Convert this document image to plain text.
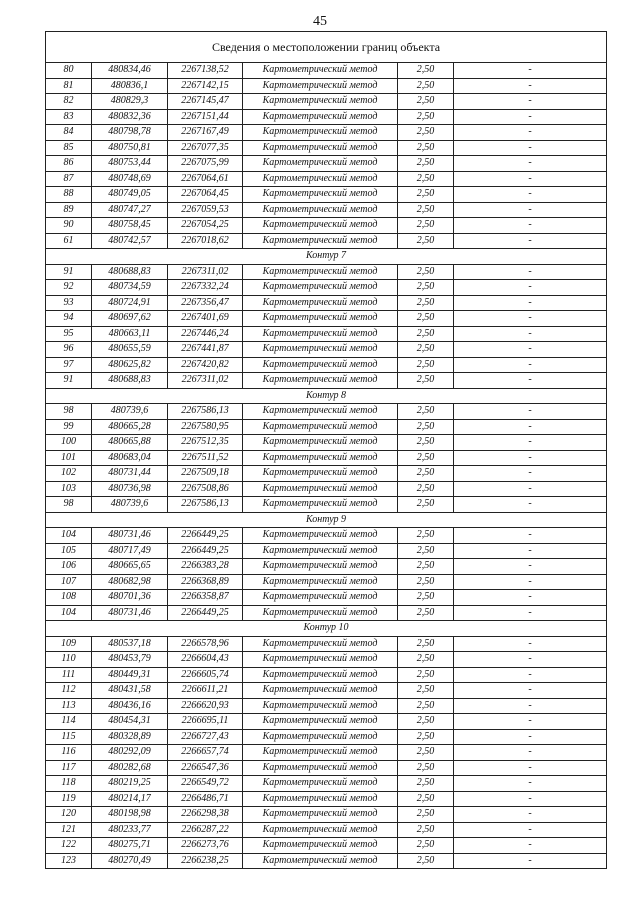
45
Сведения о местоположении границ объекта					
80	480834,46	2267138,52	Картометрический метод	2,50	-
81	480836,1	2267142,15	Картометрический метод	2,50	-
82	480829,3	2267145,47	Картометрический метод	2,50	-
83	480832,36	2267151,44	Картометрический метод	2,50	-
84	480798,78	2267167,49	Картометрический метод	2,50	-
85	480750,81	2267077,35	Картометрический метод	2,50	-
86	480753,44	2267075,99	Картометрический метод	2,50	-
87	480748,69	2267064,61	Картометрический метод	2,50	-
88	480749,05	2267064,45	Картометрический метод	2,50	-
89	480747,27	2267059,53	Картометрический метод	2,50	-
90	480758,45	2267054,25	Картометрический метод	2,50	-
61	480742,57	2267018,62	Картометрический метод	2,50	-
Контур 7					
91	480688,83	2267311,02	Картометрический метод	2,50	-
92	480734,59	2267332,24	Картометрический метод	2,50	-
93	480724,91	2267356,47	Картометрический метод	2,50	-
94	480697,62	2267401,69	Картометрический метод	2,50	-
95	480663,11	2267446,24	Картометрический метод	2,50	-
96	480655,59	2267441,87	Картометрический метод	2,50	-
97	480625,82	2267420,82	Картометрический метод	2,50	-
91	480688,83	2267311,02	Картометрический метод	2,50	-
Контур 8					
98	480739,6	2267586,13	Картометрический метод	2,50	-
99	480665,28	2267580,95	Картометрический метод	2,50	-
100	480665,88	2267512,35	Картометрический метод	2,50	-
101	480683,04	2267511,52	Картометрический метод	2,50	-
102	480731,44	2267509,18	Картометрический метод	2,50	-
103	480736,98	2267508,86	Картометрический метод	2,50	-
98	480739,6	2267586,13	Картометрический метод	2,50	-
Контур 9					
104	480731,46	2266449,25	Картометрический метод	2,50	-
105	480717,49	2266449,25	Картометрический метод	2,50	-
106	480665,65	2266383,28	Картометрический метод	2,50	-
107	480682,98	2266368,89	Картометрический метод	2,50	-
108	480701,36	2266358,87	Картометрический метод	2,50	-
104	480731,46	2266449,25	Картометрический метод	2,50	-
Контур 10					
109	480537,18	2266578,96	Картометрический метод	2,50	-
110	480453,79	2266604,43	Картометрический метод	2,50	-
111	480449,31	2266605,74	Картометрический метод	2,50	-
112	480431,58	2266611,21	Картометрический метод	2,50	-
113	480436,16	2266620,93	Картометрический метод	2,50	-
114	480454,31	2266695,11	Картометрический метод	2,50	-
115	480328,89	2266727,43	Картометрический метод	2,50	-
116	480292,09	2266657,74	Картометрический метод	2,50	-
117	480282,68	2266547,36	Картометрический метод	2,50	-
118	480219,25	2266549,72	Картометрический метод	2,50	-
119	480214,17	2266486,71	Картометрический метод	2,50	-
120	480198,98	2266298,38	Картометрический метод	2,50	-
121	480233,77	2266287,22	Картометрический метод	2,50	-
122	480275,71	2266273,76	Картометрический метод	2,50	-
123	480270,49	2266238,25	Картометрический метод	2,50	-
